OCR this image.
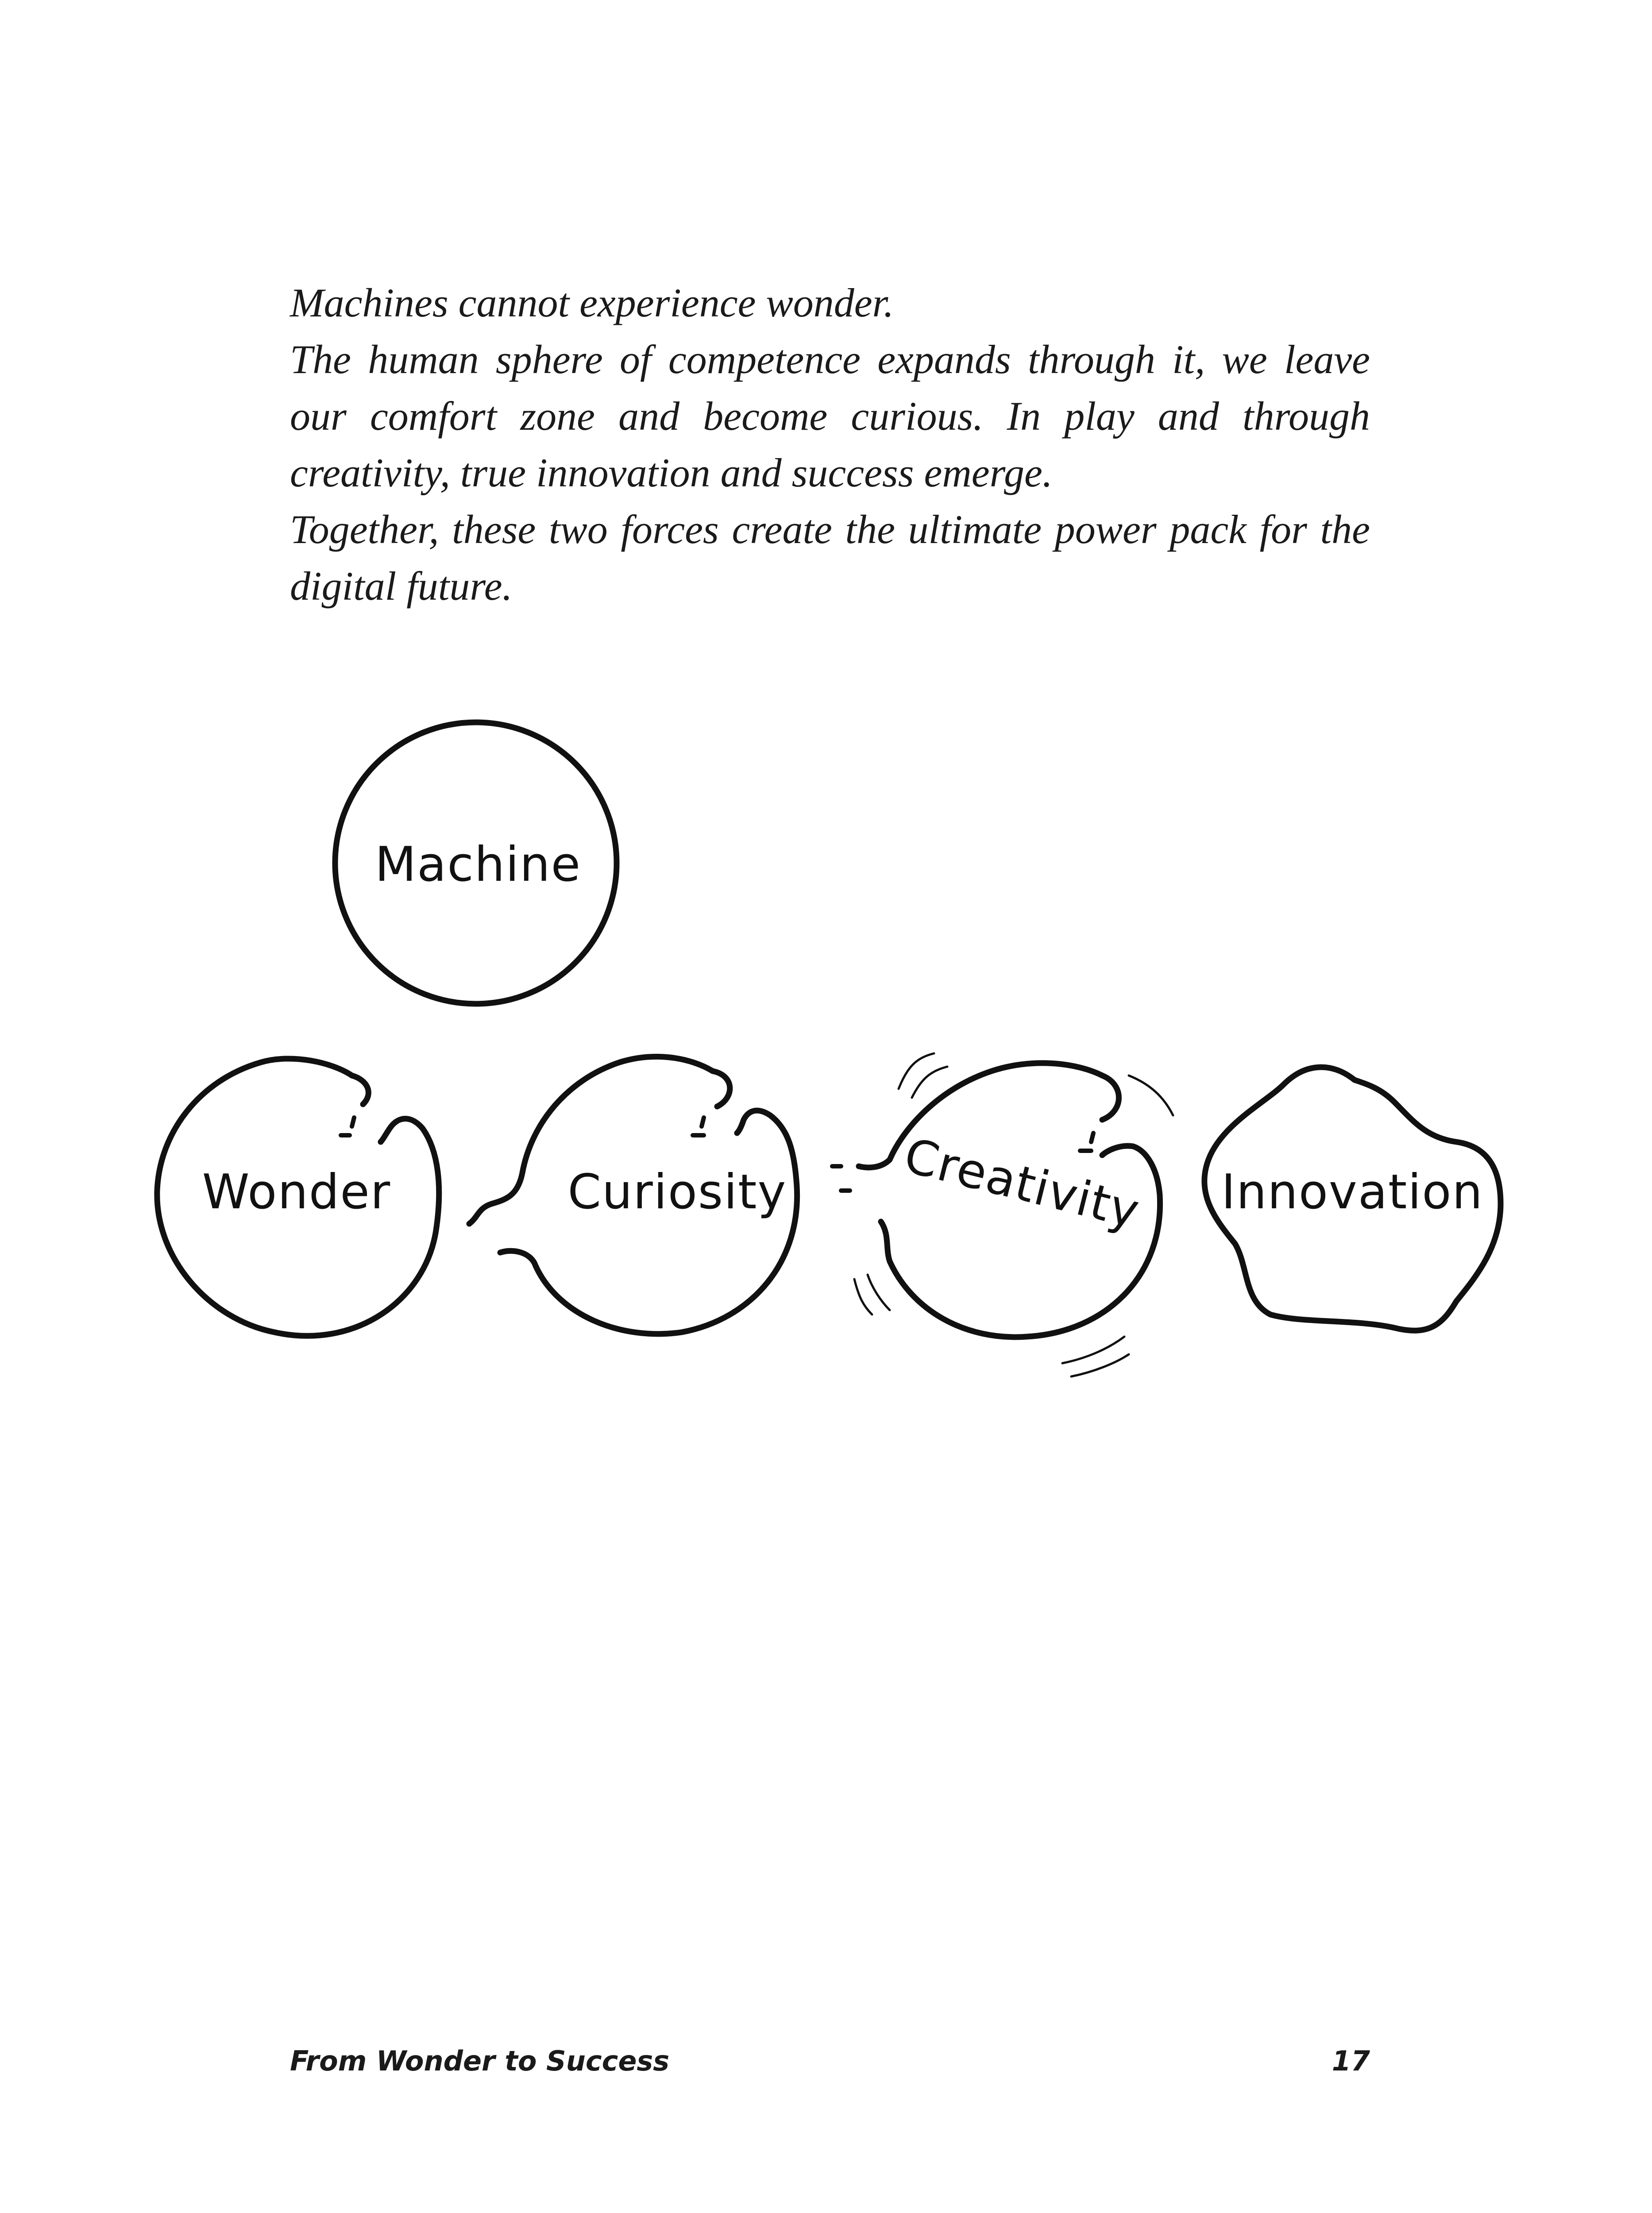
Machines cannot experience wonder.

The human sphere of competence expands through it, we leave our comfort zone and become curious. In play and through creativity, true innovation and success emerge.

Together, these two forces create the ultimate power pack for the digital future.

Machine
Wonder	Curiosity Creativity Innovation
From Wonder to Success	17
